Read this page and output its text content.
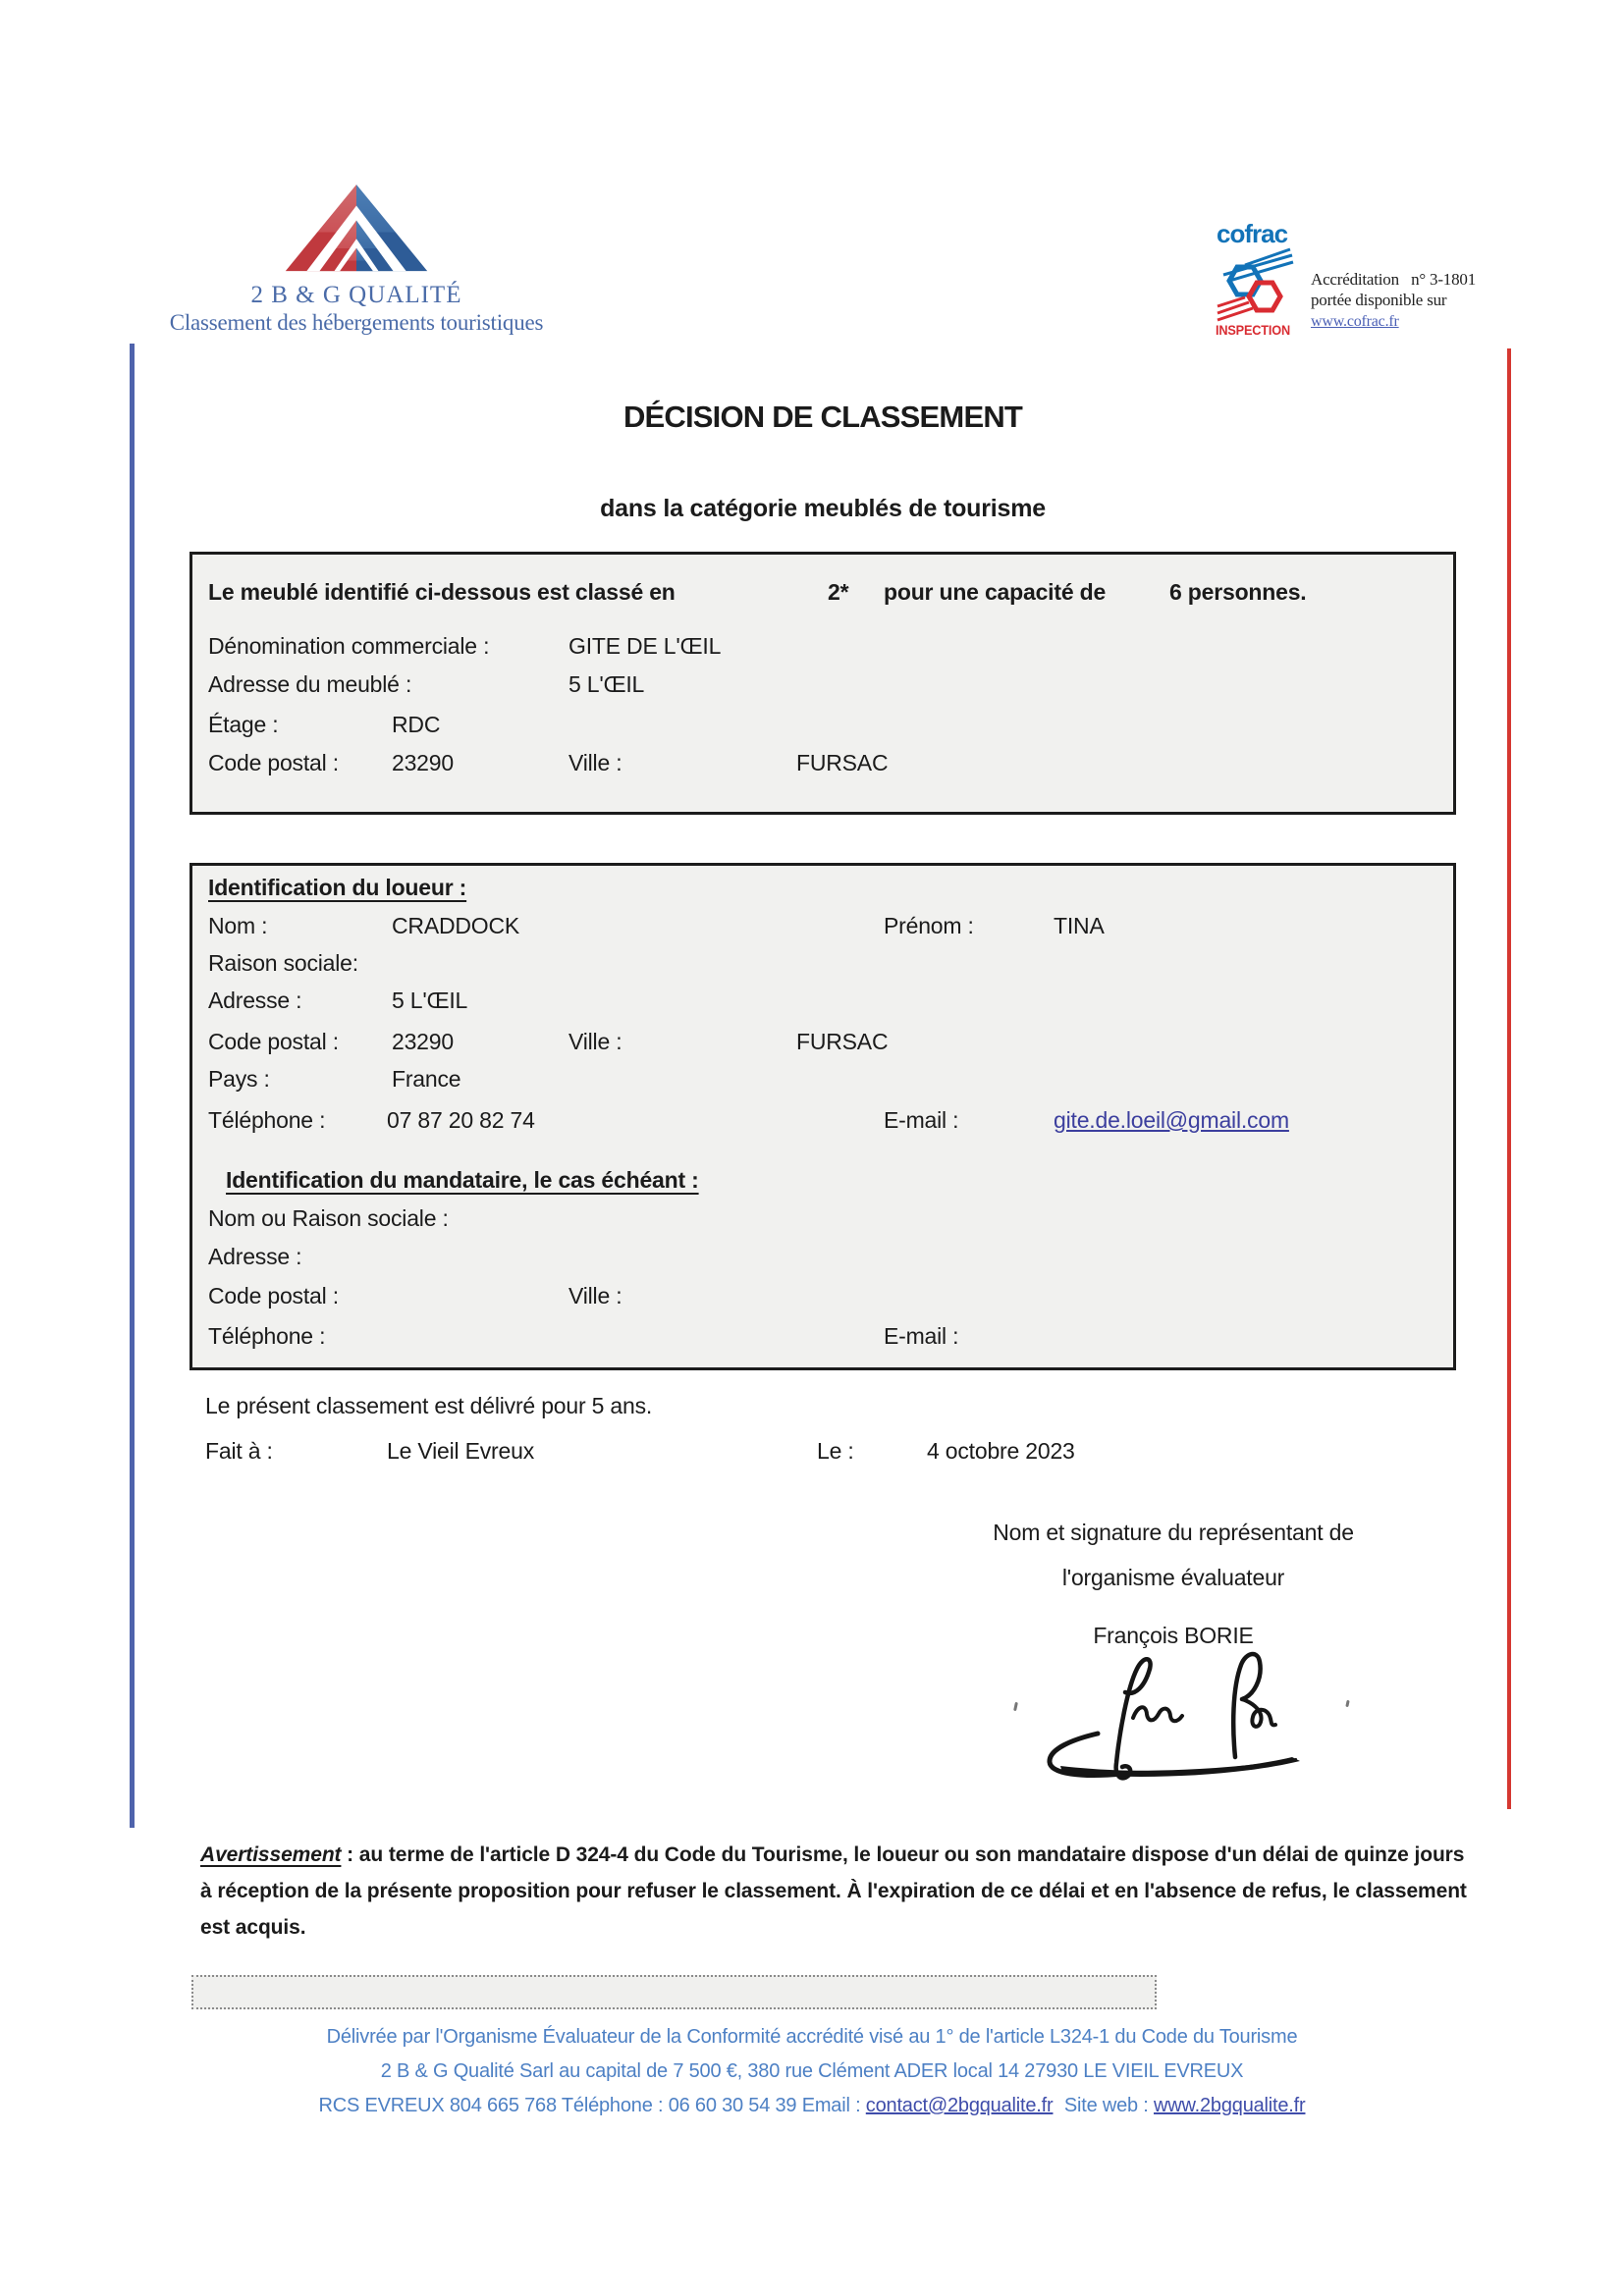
2 B & G QUALITÉ
Classement des hébergements touristiques
cofrac
INSPECTION
Accréditation n° 3-1801
portée disponible sur
www.cofrac.fr
DÉCISION DE CLASSEMENT
dans la catégorie meublés de tourisme
Le meublé identifié ci-dessous est classé en	2* pour une capacité de	6 personnes.
Dénomination commerciale :	GITE DE L'ŒIL
Adresse du meublé :	5 L'ŒIL
Étage :	RDC
Code postal : 23290	Ville :	FURSAC
Identification du loueur :
Nom :	CRADDOCK	Prénom :	TINA
Raison sociale:
Adresse :	5 L'ŒIL
Code postal : 23290	Ville :	FURSAC
Pays :	France
Téléphone :	07 87 20 82 74	E-mail :	gite.de.loeil@gmail.com
Identification du mandataire, le cas échéant :
Nom ou Raison sociale :
Adresse :
Code postal :	Ville :
Téléphone :	E-mail :
Le présent classement est délivré pour 5 ans.
Fait à :	Le Vieil Evreux	Le :	4 octobre 2023
Nom et signature du représentant de
l'organisme évaluateur
François BORIE
Avertissement : au terme de l'article D 324-4 du Code du Tourisme, le loueur ou son mandataire dispose d'un délai de quinze jours à réception de la présente proposition pour refuser le classement. À l'expiration de ce délai et en l'absence de refus, le classement est acquis.
Délivrée par l'Organisme Évaluateur de la Conformité accrédité visé au 1° de l'article L324-1 du Code du Tourisme
2 B & G Qualité Sarl au capital de 7 500 €, 380 rue Clément ADER local 14 27930 LE VIEIL EVREUX
RCS EVREUX 804 665 768 Téléphone : 06 60 30 54 39 Email : contact@2bgqualite.fr Site web : www.2bgqualite.fr
